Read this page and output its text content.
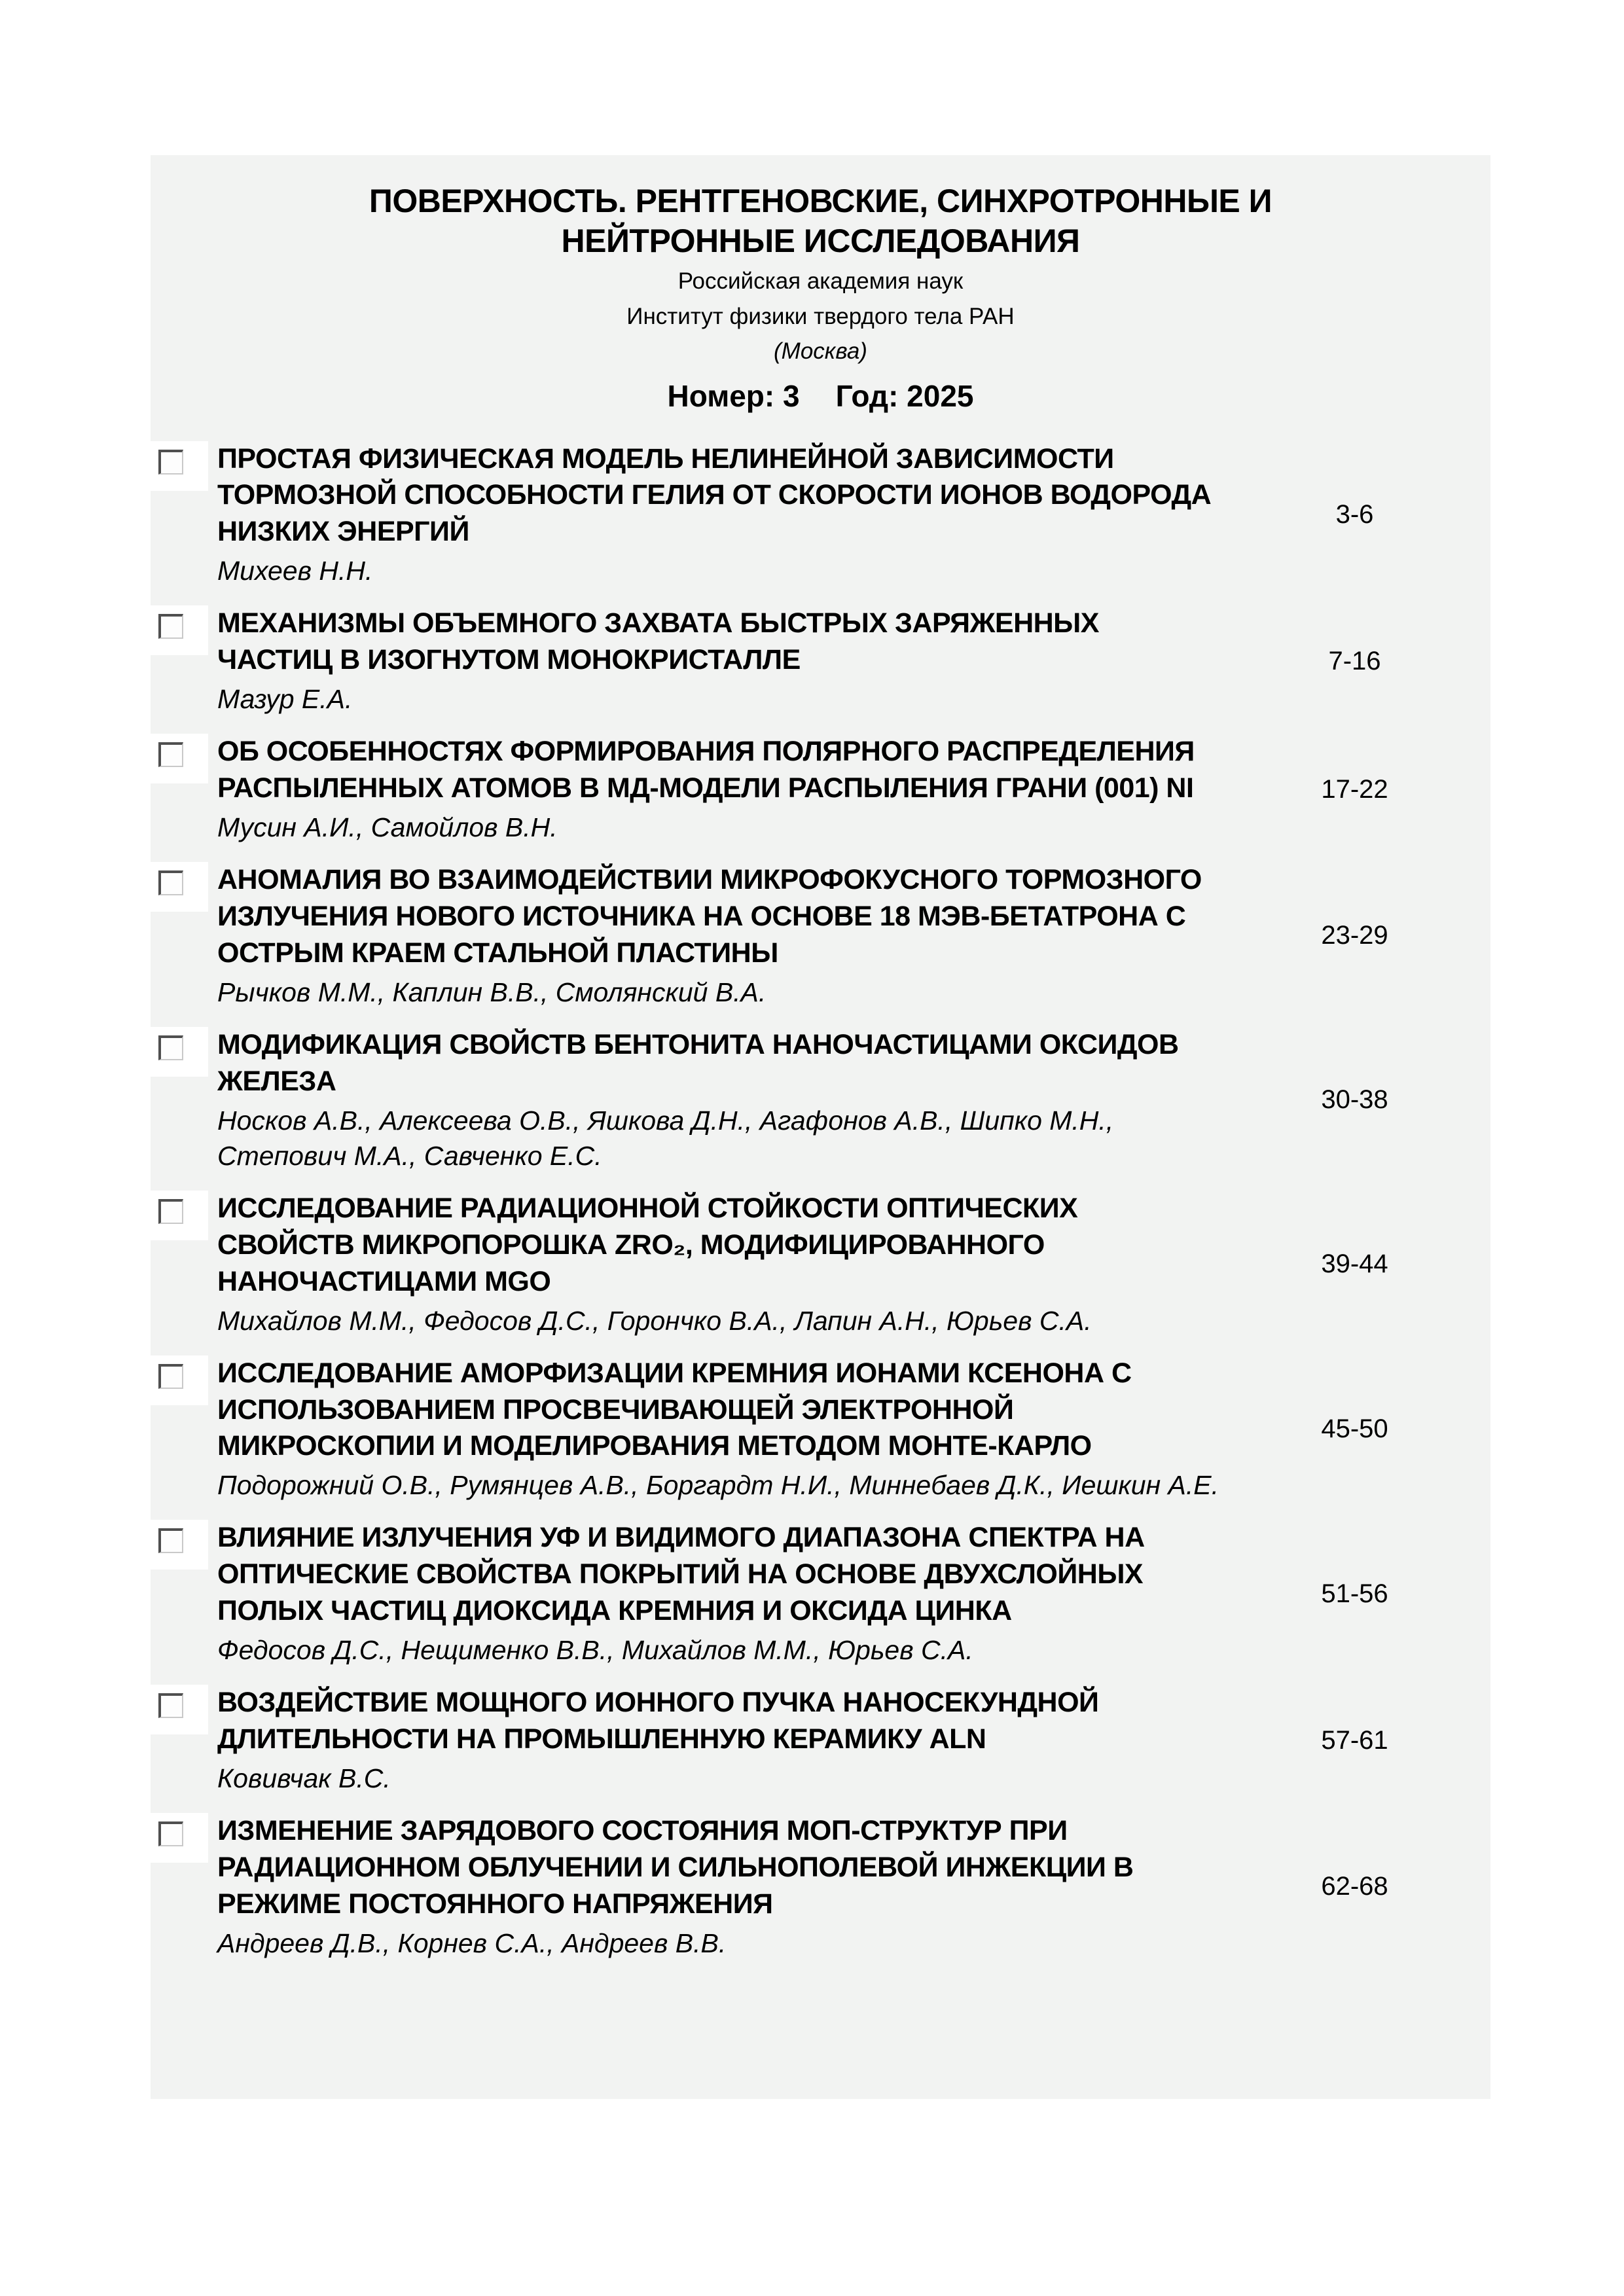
ПОВЕРХНОСТЬ. РЕНТГЕНОВСКИЕ, СИНХРОТРОННЫЕ И НЕЙТРОННЫЕ ИССЛЕДОВАНИЯ
Российская академия наук
Институт физики твердого тела РАН
(Москва)
Номер: 3 Год: 2025
ПРОСТАЯ ФИЗИЧЕСКАЯ МОДЕЛЬ НЕЛИНЕЙНОЙ ЗАВИСИМОСТИ ТОРМОЗНОЙ СПОСОБНОСТИ ГЕЛИЯ ОТ СКОРОСТИ ИОНОВ ВОДОРОДА НИЗКИХ ЭНЕРГИЙ
Михеев Н.Н.
3-6
МЕХАНИЗМЫ ОБЪЕМНОГО ЗАХВАТА БЫСТРЫХ ЗАРЯЖЕННЫХ ЧАСТИЦ В ИЗОГНУТОМ МОНОКРИСТАЛЛЕ
Мазур Е.А.
7-16
ОБ ОСОБЕННОСТЯХ ФОРМИРОВАНИЯ ПОЛЯРНОГО РАСПРЕДЕЛЕНИЯ РАСПЫЛЕННЫХ АТОМОВ В МД-МОДЕЛИ РАСПЫЛЕНИЯ ГРАНИ (001) NI
Мусин А.И., Самойлов В.Н.
17-22
АНОМАЛИЯ ВО ВЗАИМОДЕЙСТВИИ МИКРОФОКУСНОГО ТОРМОЗНОГО ИЗЛУЧЕНИЯ НОВОГО ИСТОЧНИКА НА ОСНОВЕ 18 МЭВ-БЕТАТРОНА С ОСТРЫМ КРАЕМ СТАЛЬНОЙ ПЛАСТИНЫ
Рычков М.М., Каплин В.В., Смолянский В.А.
23-29
МОДИФИКАЦИЯ СВОЙСТВ БЕНТОНИТА НАНОЧАСТИЦАМИ ОКСИДОВ ЖЕЛЕЗА
Носков А.В., Алексеева О.В., Яшкова Д.Н., Агафонов А.В., Шипко М.Н., Степович М.А., Савченко Е.С.
30-38
ИССЛЕДОВАНИЕ РАДИАЦИОННОЙ СТОЙКОСТИ ОПТИЧЕСКИХ СВОЙСТВ МИКРОПОРОШКА ZRO₂, МОДИФИЦИРОВАННОГО НАНОЧАСТИЦАМИ MGO
Михайлов М.М., Федосов Д.С., Горончко В.А., Лапин А.Н., Юрьев С.А.
39-44
ИССЛЕДОВАНИЕ АМОРФИЗАЦИИ КРЕМНИЯ ИОНАМИ КСЕНОНА С ИСПОЛЬЗОВАНИЕМ ПРОСВЕЧИВАЮЩЕЙ ЭЛЕКТРОННОЙ МИКРОСКОПИИ И МОДЕЛИРОВАНИЯ МЕТОДОМ МОНТЕ-КАРЛО
Подорожний О.В., Румянцев А.В., Боргардт Н.И., Миннебаев Д.К., Иешкин А.Е.
45-50
ВЛИЯНИЕ ИЗЛУЧЕНИЯ УФ И ВИДИМОГО ДИАПАЗОНА СПЕКТРА НА ОПТИЧЕСКИЕ СВОЙСТВА ПОКРЫТИЙ НА ОСНОВЕ ДВУХСЛОЙНЫХ ПОЛЫХ ЧАСТИЦ ДИОКСИДА КРЕМНИЯ И ОКСИДА ЦИНКА
Федосов Д.С., Нещименко В.В., Михайлов М.М., Юрьев С.А.
51-56
ВОЗДЕЙСТВИЕ МОЩНОГО ИОННОГО ПУЧКА НАНОСЕКУНДНОЙ ДЛИТЕЛЬНОСТИ НА ПРОМЫШЛЕННУЮ КЕРАМИКУ ALN
Ковивчак В.С.
57-61
ИЗМЕНЕНИЕ ЗАРЯДОВОГО СОСТОЯНИЯ МОП-СТРУКТУР ПРИ РАДИАЦИОННОМ ОБЛУЧЕНИИ И СИЛЬНОПОЛЕВОЙ ИНЖЕКЦИИ В РЕЖИМЕ ПОСТОЯННОГО НАПРЯЖЕНИЯ
Андреев Д.В., Корнев С.А., Андреев В.В.
62-68
